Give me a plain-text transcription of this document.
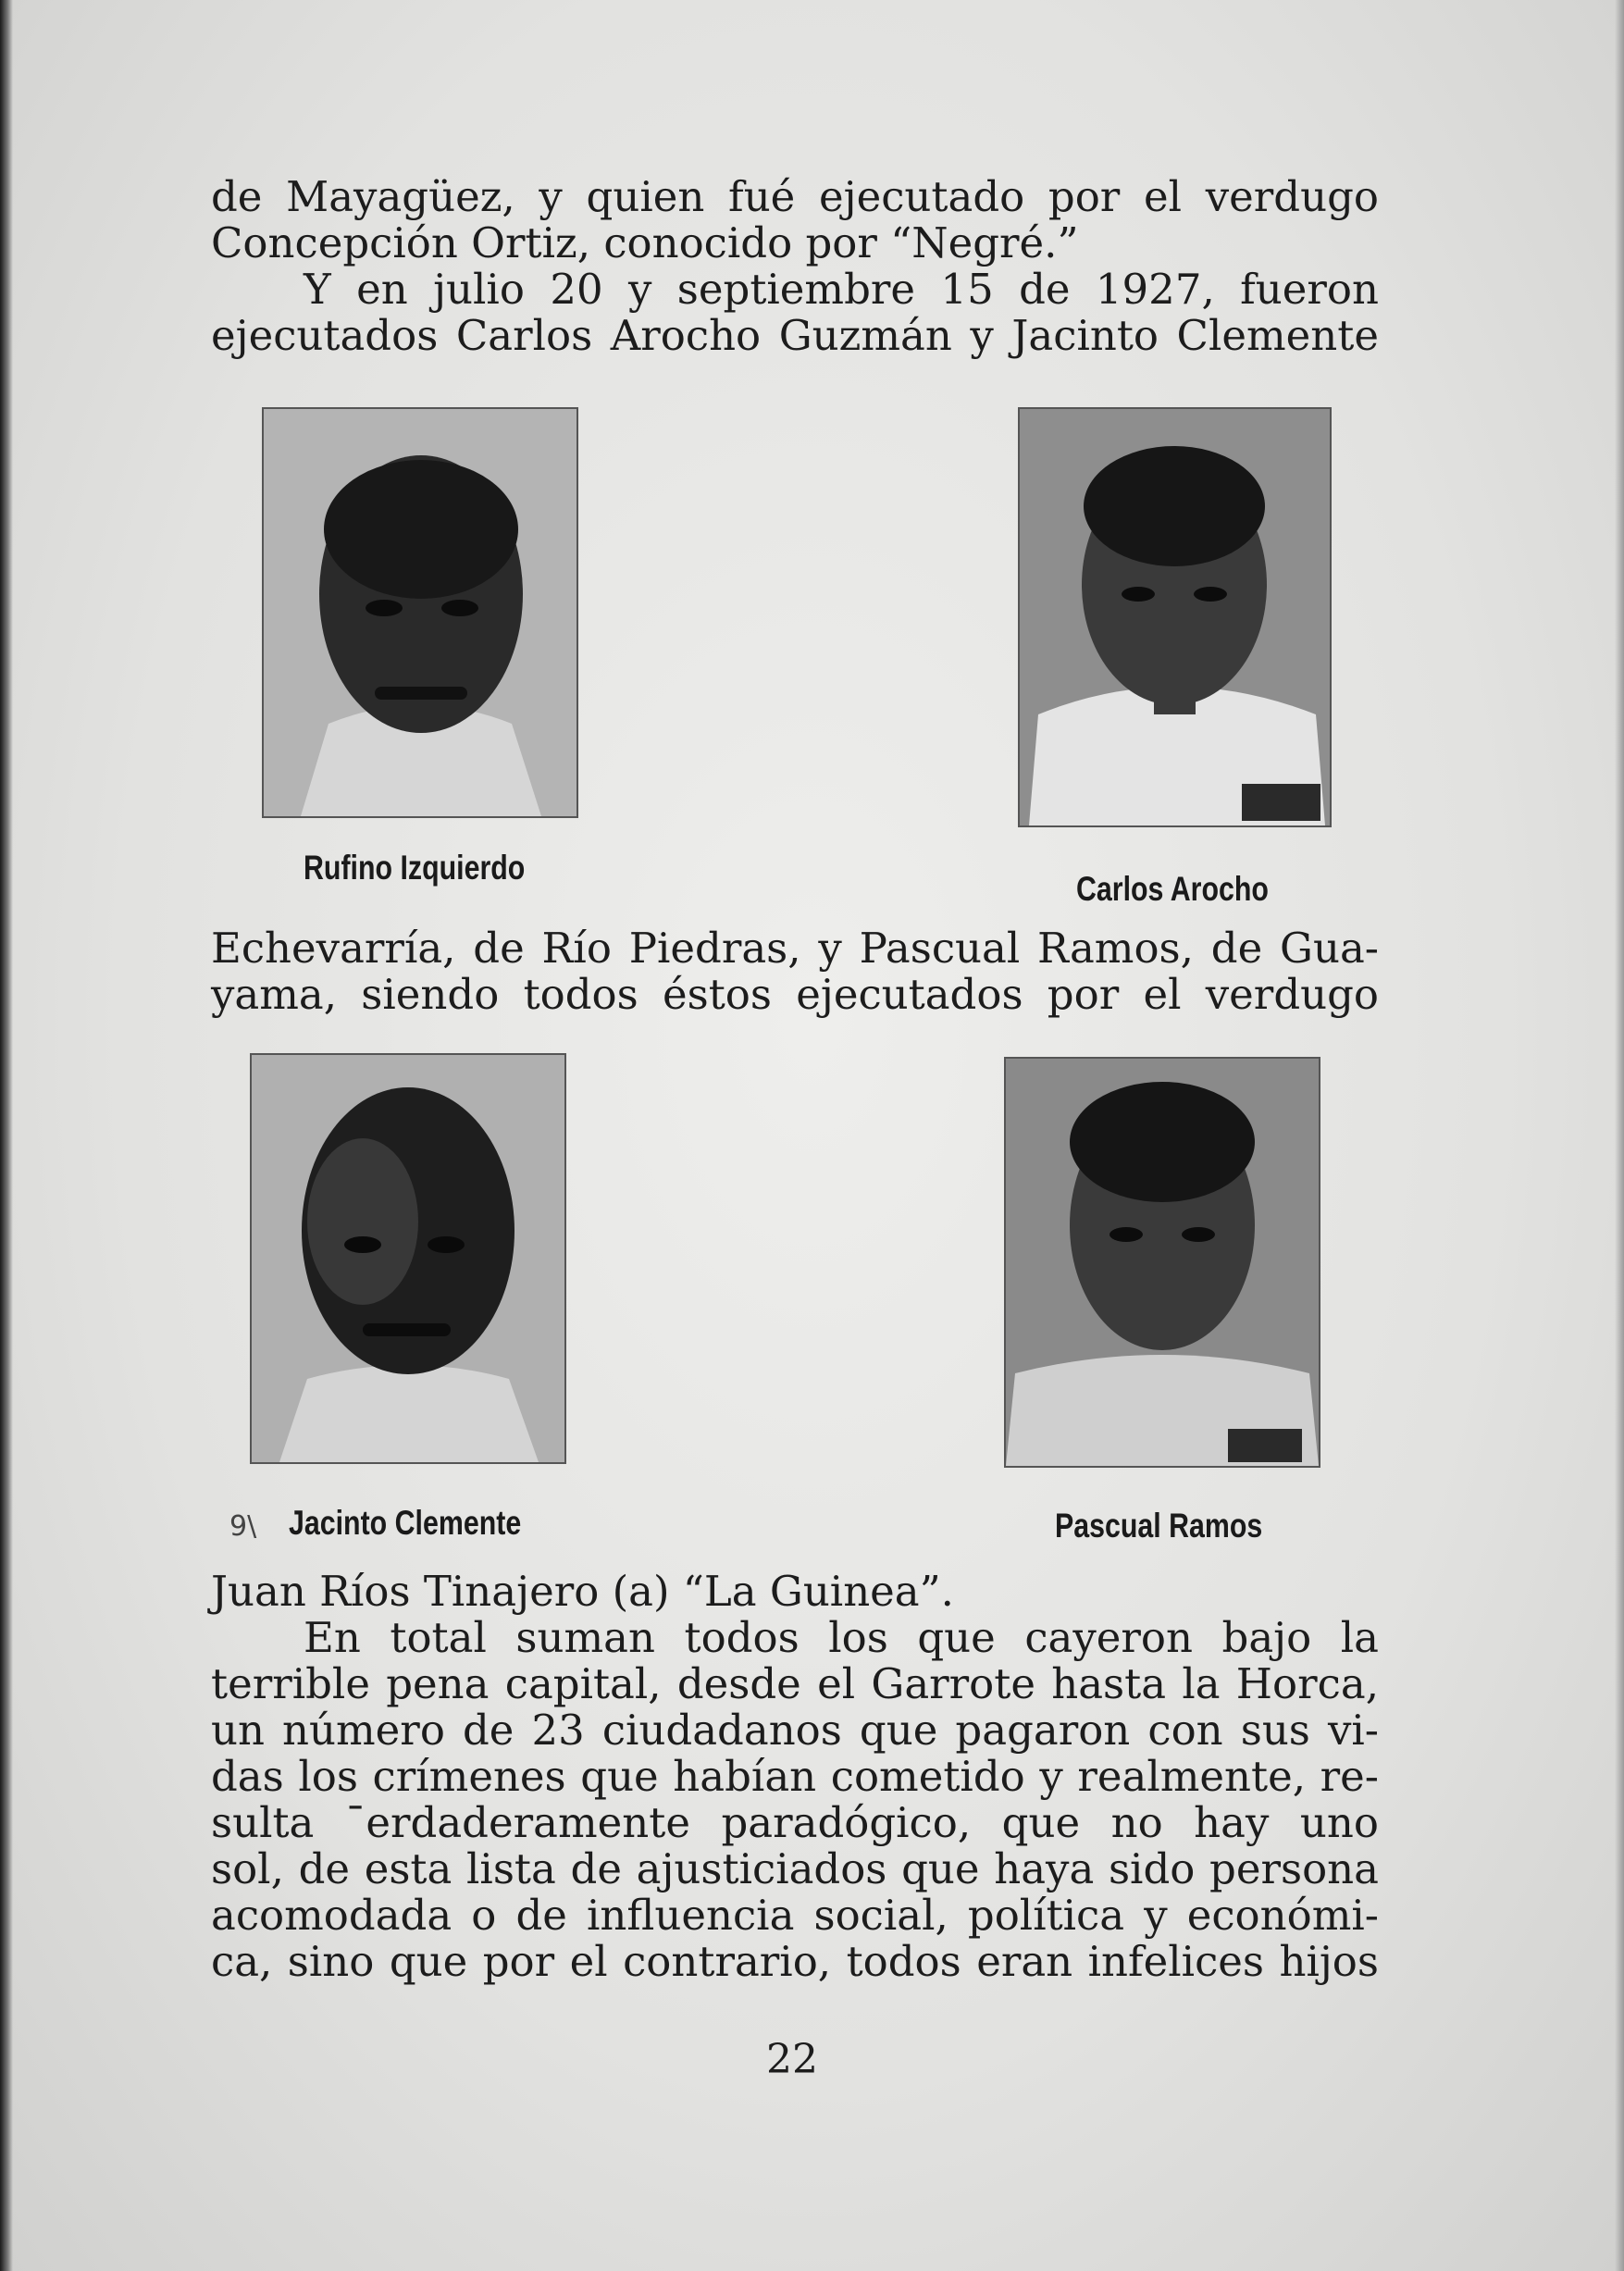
de Mayagüez, y quien fué ejecutado por el verdugo
Concepción Ortiz, conocido por “Negré.”
Y en julio 20 y septiembre 15 de 1927, fueron
ejecutados Carlos Arocho Guzmán y Jacinto Clemente
Rufino Izquierdo
Carlos Arocho
Echevarría, de Río Piedras, y Pascual Ramos, de Gua-
yama, siendo todos éstos ejecutados por el verdugo
9\ Jacinto Clemente	Pascual Ramos
Juan Ríos Tinajero (a) “La Guinea”.
En total suman todos los que cayeron bajo la
terrible pena capital, desde el Garrote hasta la Horca,
un número de 23 ciudadanos que pagaron con sus vi-
das los crímenes que habían cometido y realmente, re-
sulta ˉerdaderamente paradógico, que no hay uno
sol, de esta lista de ajusticiados que haya sido persona
acomodada o de influencia social, política y económi-
ca, sino que por el contrario, todos eran infelices hijos
22
